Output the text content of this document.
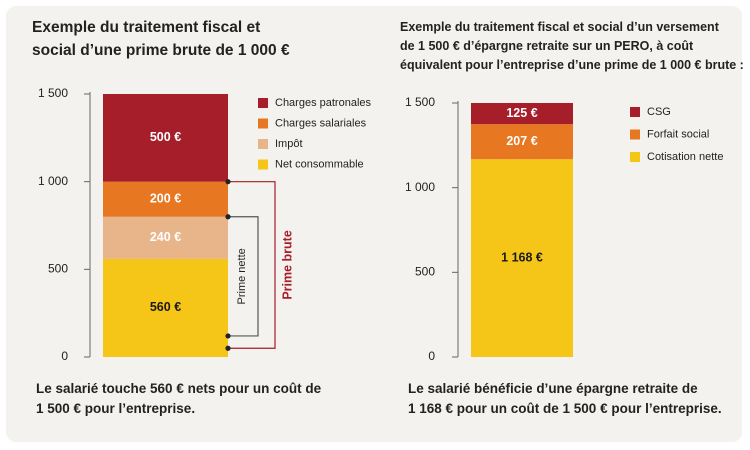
Exemple du traitement fiscal et
social d’une prime brute de 1 000 €
Exemple du traitement fiscal et social d’un versement
de 1 500 € d’épargne retraite sur un PERO, à coût
équivalent pour l’entreprise d’une prime de 1 000 € brute :
0
500
1 000
1 500
560 €
240 €
200 €
500 €
Charges patronales
Charges salariales
Impôt
Net consommable
Prime nette	Prime brute
0
500
1 000
1 500
1 168 €
207 €
125 €	CSG
Forfait social
Cotisation nette
Le salarié touche 560 € nets pour un coût de
1 500 € pour l’entreprise.
Le salarié bénéficie d’une épargne retraite de
1 168 € pour un coût de 1 500 € pour l’entreprise.
